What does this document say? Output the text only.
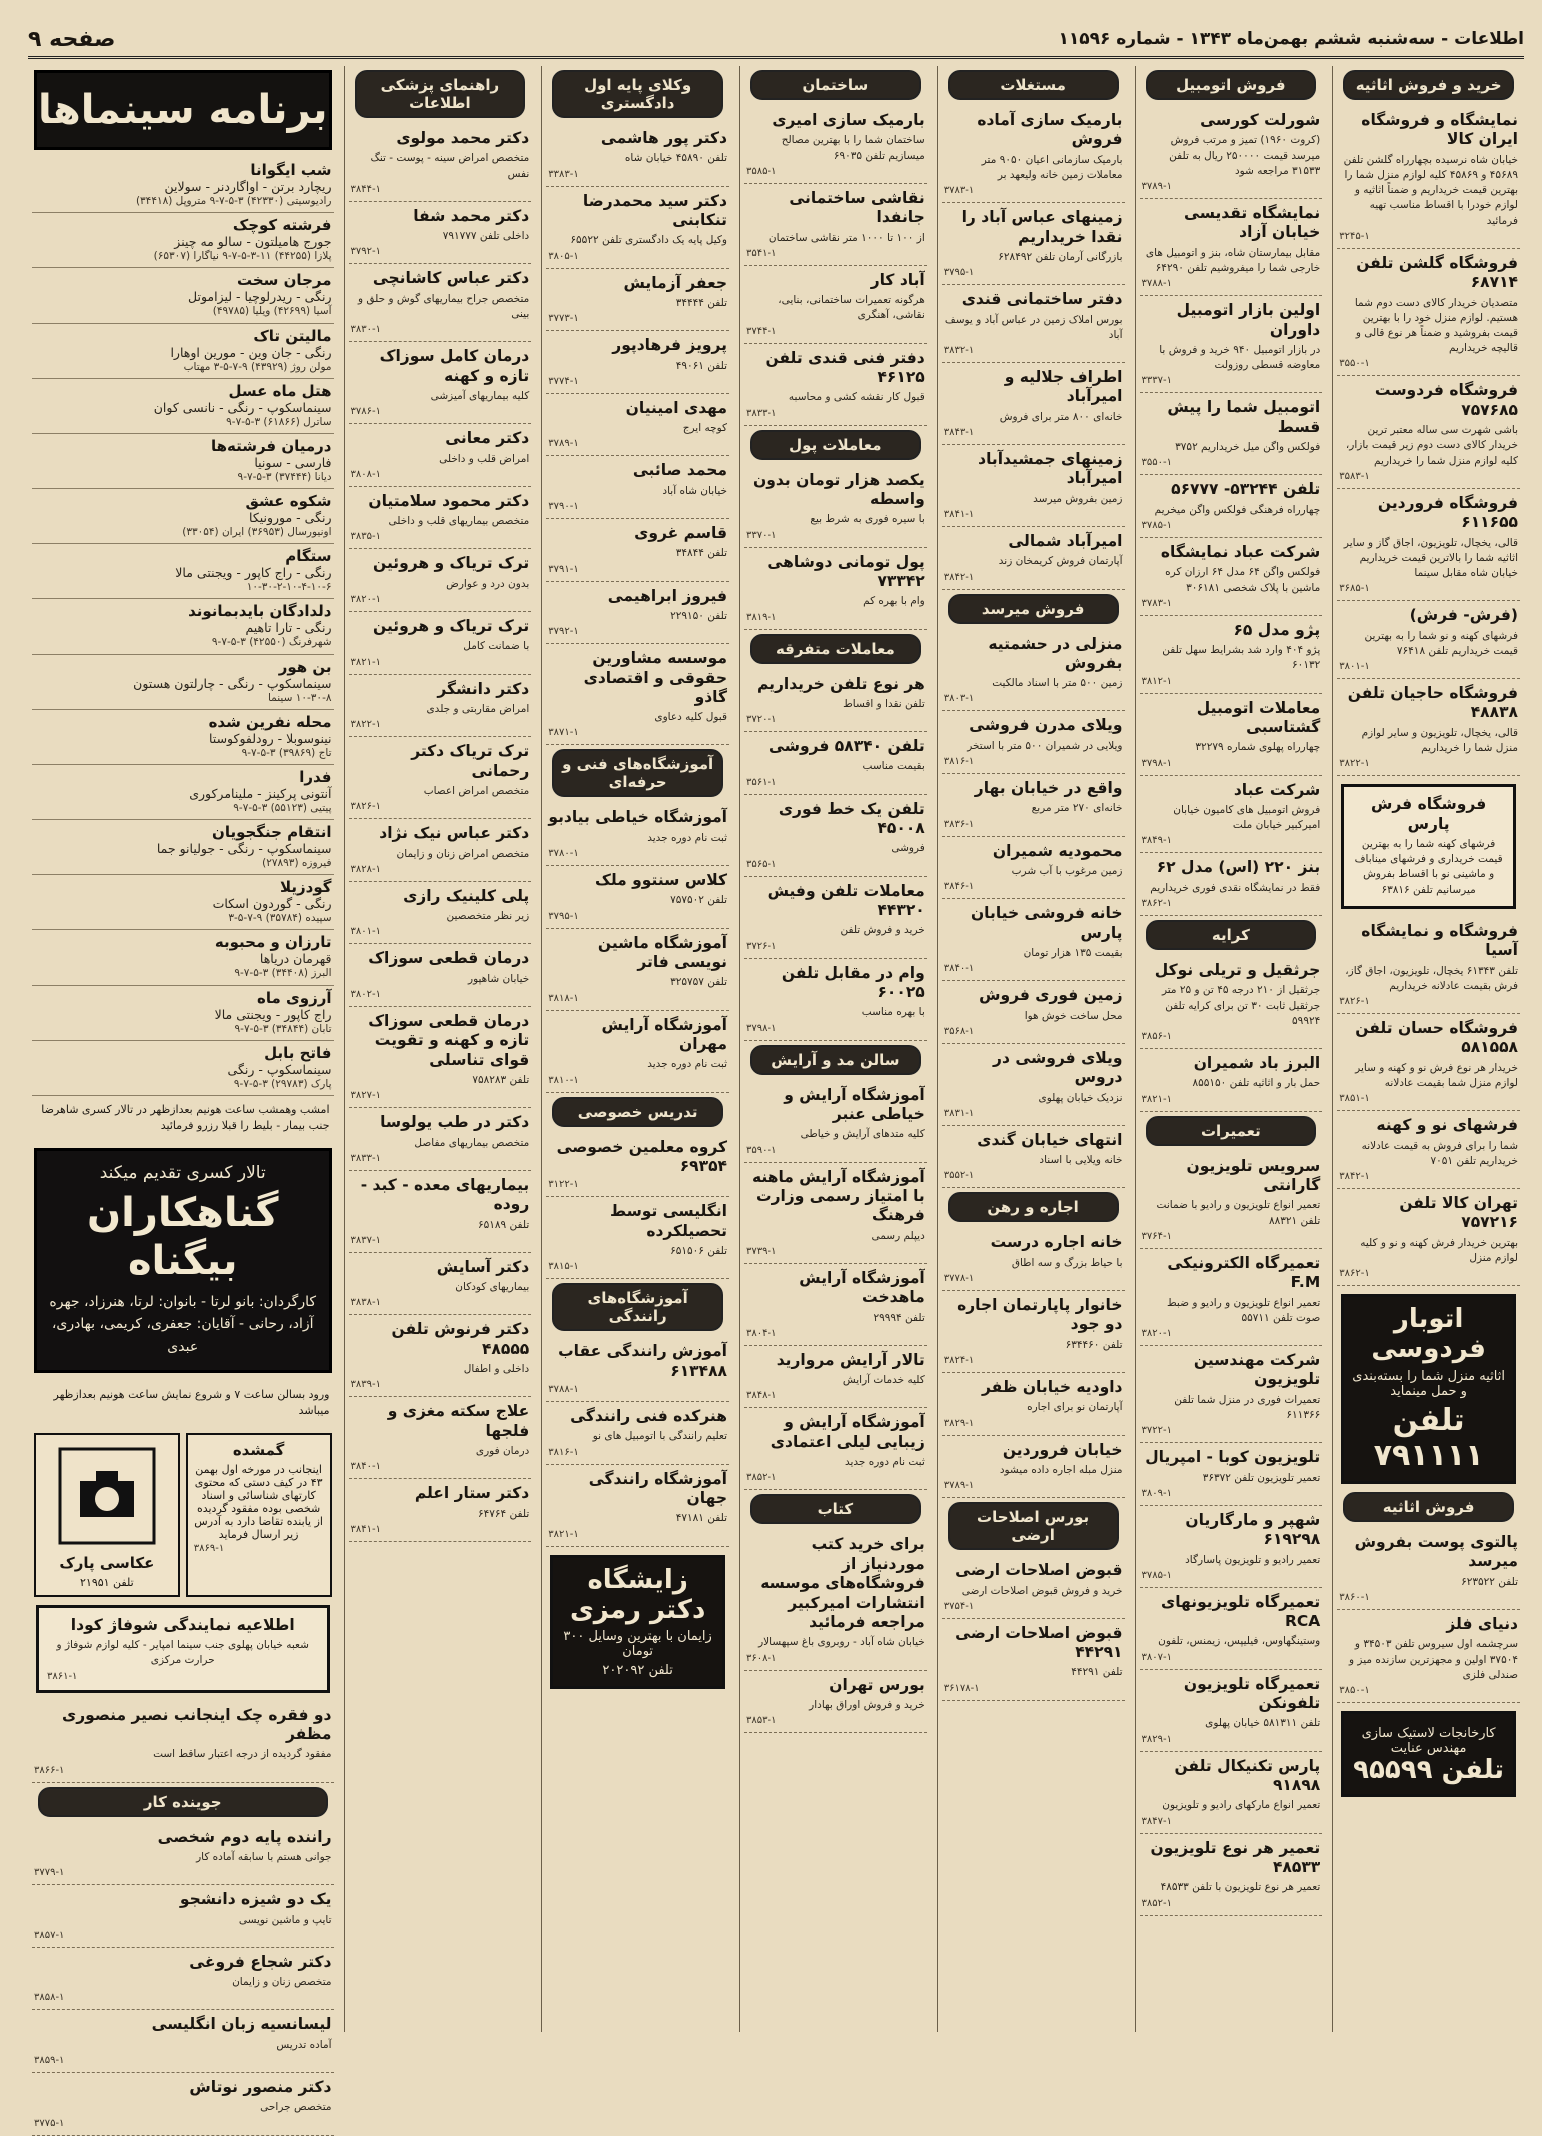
اطلاعات - سه‌شنبه ششم بهمن‌ماه ۱۳۴۳ - شماره ۱۱۵۹۶
صفحه ۹
خرید و فروش اثاثیه
نمایشگاه و فروشگاه ایران کالا
خیابان شاه نرسیده بچهارراه گلشن تلفن ۴۵۶۸۹ و ۴۵۸۶۹ کلیه لوازم منزل شما را بهترین قیمت خریداریم و ضمناً اثاثیه و لوازم خودرا با اقساط مناسب تهیه فرمائید
۳۲۴۵-۱
فروشگاه گلشن تلفن ۶۸۷۱۴
متصدیان خریدار کالای دست دوم شما هستیم. لوازم منزل خود را با بهترین قیمت بفروشید و ضمناً هر نوع قالی و قالیچه خریداریم
۳۵۵۰-۱
فروشگاه فردوست ۷۵۷۶۸۵
باشی شهرت سی ساله معتبر ترین خریدار کالای دست دوم زیر قیمت بازار، کلیه لوازم منزل شما را خریداریم
۳۵۸۳-۱
فروشگاه فروردین ۶۱۱۶۵۵
قالی، یخچال، تلویزیون، اجاق گاز و سایر اثاثیه شما را بالاترین قیمت خریداریم خیابان شاه مقابل سینما
۳۶۸۵-۱
(فرش- فرش)
فرشهای کهنه و نو شما را به بهترین قیمت خریداریم تلفن ۷۶۴۱۸
۳۸۰۱-۱
فروشگاه حاجیان تلفن ۴۸۸۳۸
قالی، یخچال، تلویزیون و سایر لوازم منزل شما را خریداریم
۳۸۲۲-۱
فروشگاه فرش پارس
فرشهای کهنه شما را به بهترین قیمت خریداری و فرشهای میناباف و ماشینی نو با اقساط بفروش میرسانیم تلفن ۶۳۸۱۶
فروشگاه و نمایشگاه آسیا
تلفن ۶۱۳۴۳ یخچال، تلویزیون، اجاق گاز، فرش بقیمت عادلانه خریداریم
۳۸۲۶-۱
فروشگاه حسان تلفن ۵۸۱۵۵۸
خریدار هر نوع فرش نو و کهنه و سایر لوازم منزل شما بقیمت عادلانه
۳۸۵۱-۱
فرشهای نو و کهنه
شما را برای فروش به قیمت عادلانه خریداریم تلفن ۷۰۵۱
۳۸۴۲-۱
تهران کالا تلفن ۷۵۷۲۱۶
بهترین خریدار فرش کهنه و نو و کلیه لوازم منزل
۳۸۶۲-۱
اتوبار فردوسی
اثاثیه منزل شما را بسته‌بندی و حمل مینماید
تلفن ۷۹۱۱۱۱
فروش اثاثیه
پالتوی پوست بفروش میرسد
تلفن ۶۲۳۵۲۲
۳۸۶۰-۱
دنیای فلز
سرچشمه اول سیروس تلفن ۳۴۵۰۳ و ۳۷۵۰۴ اولین و مجهزترین سازنده میز و صندلی فلزی
۳۸۵۰-۱
کارخانجات لاستیک سازی مهندس عنایت
تلفن ۹۵۵۹۹
فروش اتومبیل
شورلت کورسی
(کروت ۱۹۶۰) تمیز و مرتب فروش میرسد قیمت ۲۵۰۰۰۰ ریال به تلفن ۳۱۵۳۳ مراجعه شود
۳۷۸۹-۱
نمایشگاه تقدیسی خیابان آزاد
مقابل بیمارستان شاه، بنز و اتومبیل های خارجی شما را میفروشیم تلفن ۶۴۲۹۰
۳۷۸۸-۱
اولین بازار اتومبیل داوران
در بازار اتومبیل ۹۴۰ خرید و فروش با معاوضه قسطی روزولت
۳۳۳۷-۱
اتومبیل شما را پیش قسط
فولکس واگن میل خریداریم ۳۷۵۲
۳۵۵۰-۱
تلفن ۵۳۲۴۴- ۵۶۷۷۷
چهارراه فرهنگی فولکس واگن میخریم
۳۷۸۵-۱
شرکت عباد نمایشگاه
فولکس واگن ۶۴ مدل ۶۴ ارزان کره ماشین با پلاک شخصی ۳۰۶۱۸۱
۳۷۸۳-۱
پژو مدل ۶۵
پژو ۴۰۴ وارد شد بشرایط سهل تلفن ۶۰۱۳۲
۳۸۱۲-۱
معاملات اتومبیل گشتاسبی
چهارراه پهلوی شماره ۳۲۲۷۹
۳۷۹۸-۱
شرکت عباد
فروش اتومبیل های کامیون خیابان امیرکبیر خیابان ملت
۳۸۴۹-۱
بنز ۲۲۰ (اس) مدل ۶۲
فقط در نمایشگاه نقدی فوری خریداریم
۳۸۶۲-۱
کرایه
جرثقیل و تریلی نوکل
جرثقیل از ۲۱۰ درجه ۴۵ تن و ۲۵ متر جرثقیل ثابت ۳۰ تن برای کرایه تلفن ۵۹۹۲۴
۳۸۵۶-۱
البرز باد شمیران
حمل بار و اثاثیه تلفن ۸۵۵۱۵۰
۳۸۲۱-۱
تعمیرات
سرویس تلویزیون گارانتی
تعمیر انواع تلویزیون و رادیو با ضمانت تلفن ۸۸۳۲۱
۳۷۶۴-۱
تعمیرگاه الکترونیکی F.M
تعمیر انواع تلویزیون و رادیو و ضبط صوت تلفن ۵۵۷۱۱
۳۸۲۰-۱
شرکت مهندسین تلویزیون
تعمیرات فوری در منزل شما تلفن ۶۱۱۳۶۶
۳۷۲۲-۱
تلویزیون کوبا - امپریال
تعمیر تلویزیون تلفن ۳۶۳۷۲
۳۸۰۹-۱
شهپر و مارگاریان ۶۱۹۲۹۸
تعمیر رادیو و تلویزیون پاسارگاد
۳۷۸۵-۱
تعمیرگاه تلویزیونهای RCA
وستینگهاوس، فیلیپس، زیمنس، تلفون
۳۸۰۷-۱
تعمیرگاه تلویزیون تلفونکن
تلفن ۵۸۱۳۱۱ خیابان پهلوی
۳۸۲۹-۱
پارس تکنیکال تلفن ۹۱۸۹۸
تعمیر انواع مارکهای رادیو و تلویزیون
۳۸۴۷-۱
تعمیر هر نوع تلویزیون ۴۸۵۳۳
تعمیر هر نوع تلویزیون با تلفن ۴۸۵۳۳
۳۸۵۲-۱
مستغلات
بارمیک سازی آماده فروش
بارمیک سازمانی اعیان ۹۰۵۰ متر معاملات زمین خانه ولیعهد بر
۳۷۸۳-۱
زمینهای عباس آباد را نقدا خریداریم
بازرگانی آرمان تلفن ۶۲۸۴۹۲
۳۷۹۵-۱
دفتر ساختمانی قندی
بورس املاک زمین در عباس آباد و یوسف آباد
۳۸۳۲-۱
اطراف جلالیه و امیرآباد
خانه‌ای ۸۰۰ متر برای فروش
۳۸۴۳-۱
زمینهای جمشیدآباد امیرآباد
زمین بفروش میرسد
۳۸۴۱-۱
امیرآباد شمالی
آپارتمان فروش کریمخان زند
۳۸۴۲-۱
فروش میرسد
منزلی در حشمتیه بفروش
زمین ۵۰۰ متر با اسناد مالکیت
۳۸۰۳-۱
ویلای مدرن فروشی
ویلایی در شمیران ۵۰۰ متر با استخر
۳۸۱۶-۱
واقع در خیابان بهار
خانه‌ای ۲۷۰ متر مربع
۳۸۳۶-۱
محمودیه شمیران
زمین مرغوب با آب شرب
۳۸۴۶-۱
خانه فروشی خیابان پارس
بقیمت ۱۳۵ هزار تومان
۳۸۴۰-۱
زمین فوری فروش
محل ساخت خوش هوا
۳۵۶۸-۱
ویلای فروشی در دروس
نزدیک خیابان پهلوی
۳۸۳۱-۱
انتهای خیابان گندی
خانه ویلایی با اسناد
۳۵۵۲-۱
اجاره و رهن
خانه اجاره درست
با حیاط بزرگ و سه اطاق
۳۷۷۸-۱
خانوار پاپارتمان اجاره دو جود
تلفن ۶۳۴۴۶۰
۳۸۲۴-۱
داودیه خیابان ظفر
آپارتمان نو برای اجاره
۳۸۲۹-۱
خیابان فروردین
منزل مبله اجاره داده میشود
۳۷۸۹-۱
بورس اصلاحات ارضی
قبوض اصلاحات ارضی
خرید و فروش قبوض اصلاحات ارضی
۳۷۵۴-۱
قبوض اصلاحات ارضی ۴۴۲۹۱
تلفن ۴۴۲۹۱
۳۶۱۷۸-۱
ساختمان
بارمیک سازی امیری
ساختمان شما را با بهترین مصالح میسازیم تلفن ۶۹۰۳۵
۳۵۸۵-۱
نقاشی ساختمانی جانفدا
از ۱۰۰ تا ۱۰۰۰ متر نقاشی ساختمان
۳۵۴۱-۱
آباد کار
هرگونه تعمیرات ساختمانی، بنایی، نقاشی، آهنگری
۳۷۴۴-۱
دفتر فنی قندی تلفن ۴۶۱۲۵
قبول کار نقشه کشی و محاسبه
۳۸۳۳-۱
معاملات پول
یکصد هزار تومان بدون واسطه
با سیره فوری به شرط بیع
۳۳۷۰-۱
پول تومانی دوشاهی ۷۳۳۴۲
وام با بهره کم
۳۸۱۹-۱
معاملات متفرقه
هر نوع تلفن خریداریم
تلفن نقدا و اقساط
۳۷۲۰-۱
تلفن ۵۸۳۴۰ فروشی
بقیمت مناسب
۳۵۶۱-۱
تلفن یک خط فوری ۴۵۰۰۸
فروشی
۳۵۶۵-۱
معاملات تلفن وفیش ۴۴۳۲۰
خرید و فروش تلفن
۳۷۲۶-۱
وام در مقابل تلفن ۶۰۰۲۵
با بهره مناسب
۳۷۹۸-۱
سالن مد و آرایش
آموزشگاه آرایش و خیاطی عنبر
کلیه متدهای آرایش و خیاطی
۳۵۹۰-۱
آموزشگاه آرایش ماهنه با امتیاز رسمی وزارت فرهنگ
دیپلم رسمی
۳۷۳۹-۱
آموزشگاه آرایش ماهدخت
تلفن ۲۹۹۹۴
۳۸۰۴-۱
تالار آرایش مروارید
کلیه خدمات آرایش
۳۸۴۸-۱
آموزشگاه آرایش و زیبایی لیلی اعتمادی
ثبت نام دوره جدید
۳۸۵۲-۱
کتاب
برای خرید کتب موردنیاز از فروشگاه‌های موسسه انتشارات امیرکبیر مراجعه فرمائید
خیابان شاه آباد - روبروی باغ سپهسالار
۳۶۰۸-۱
بورس تهران
خرید و فروش اوراق بهادار
۳۸۵۳-۱
وکلای پایه اول دادگستری
دکتر پور هاشمی
تلفن ۴۵۸۹۰ خیابان شاه
۳۳۸۳-۱
دکتر سید محمدرضا تنکابنی
وکیل پایه یک دادگستری تلفن ۶۵۵۲۲
۳۸۰۵-۱
جعفر آزمایش
تلفن ۳۴۴۴۴
۳۷۷۳-۱
پرویز فرهادپور
تلفن ۴۹۰۶۱
۳۷۷۴-۱
مهدی امینیان
کوچه ایرج
۳۷۸۹-۱
محمد صائبی
خیابان شاه آباد
۳۷۹۰-۱
قاسم غروی
تلفن ۳۴۸۴۴
۳۷۹۱-۱
فیروز ابراهیمی
تلفن ۲۲۹۱۵۰
۳۷۹۲-۱
موسسه مشاورین حقوقی و اقتصادی گاذو
قبول کلیه دعاوی
۳۸۷۱-۱
آموزشگاه‌های فنی و حرفه‌ای
آموزشگاه خیاطی بیادبو
ثبت نام دوره جدید
۳۷۸۰-۱
کلاس سنتوو ملک
تلفن ۷۵۷۵۰۲
۳۷۹۵-۱
آموزشگاه ماشین نویسی فاتر
تلفن ۳۲۵۷۵۷
۳۸۱۸-۱
آموزشگاه آرایش مهران
ثبت نام دوره جدید
۳۸۱۰-۱
تدریس خصوصی
کروه معلمین خصوصی ۶۹۳۵۴
۳۱۲۲-۱
انگلیسی توسط تحصیلکرده
تلفن ۶۵۱۵۰۶
۳۸۱۵-۱
آموزشگاه‌های رانندگی
آموزش رانندگی عقاب ۶۱۳۴۸۸
۳۷۸۸-۱
هنرکده فنی رانندگی
تعلیم رانندگی با اتومبیل های نو
۳۸۱۶-۱
آموزشگاه رانندگی جهان
تلفن ۴۷۱۸۱
۳۸۲۱-۱
زایشگاه دکتر رمزی
زایمان با بهترین وسایل ۳۰۰ تومان
تلفن ۲۰۲۰۹۲
راهنمای پزشکی اطلاعات
دکتر محمد مولوی
متخصص امراض سینه - پوست - تنگ نفس
۳۸۴۴-۱
دکتر محمد شفا
داخلی تلفن ۷۹۱۷۷۷
۳۷۹۲-۱
دکتر عباس کاشانچی
متخصص جراح بیماریهای گوش و حلق و بینی
۳۸۳۰-۱
درمان کامل سوزاک تازه و کهنه
کلیه بیماریهای آمیزشی
۳۷۸۶-۱
دکتر معانی
امراض قلب و داخلی
۳۸۰۸-۱
دکتر محمود سلامتیان
متخصص بیماریهای قلب و داخلی
۳۸۳۵-۱
ترک تریاک و هروئین
بدون درد و عوارض
۳۸۲۰-۱
ترک تریاک و هروئین
با ضمانت کامل
۳۸۲۱-۱
دکتر دانشگر
امراض مقاربتی و جلدی
۳۸۲۲-۱
ترک تریاک دکتر رحمانی
متخصص امراض اعصاب
۳۸۲۶-۱
دکتر عباس نیک نژاد
متخصص امراض زنان و زایمان
۳۸۲۸-۱
پلی کلینیک رازی
زیر نظر متخصصین
۳۸۰۱-۱
درمان قطعی سوزاک
خیابان شاهپور
۳۸۰۲-۱
درمان قطعی سوزاک تازه و کهنه و تقویت قوای تناسلی
تلفن ۷۵۸۲۸۳
۳۸۲۷-۱
دکتر در طب یولوسا
متخصص بیماریهای مفاصل
۳۸۳۳-۱
بیماریهای معده - کبد - روده
تلفن ۶۵۱۸۹
۳۸۳۷-۱
دکتر آسایش
بیماریهای کودکان
۳۸۳۸-۱
دکتر فرنوش تلفن ۴۸۵۵۵
داخلی و اطفال
۳۸۳۹-۱
علاج سکته مغزی و فلجها
درمان فوری
۳۸۴۰-۱
دکتر ستار اعلم
تلفن ۶۴۷۶۴
۳۸۴۱-۱
برنامه سینماها
شب ایگوانا
ریچارد برتن - اواگاردنر - سولاین
رادیوسیتی (۴۲۳۳۰) ۳-۵-۷-۹ متروپل (۳۴۴۱۸)
فرشته کوچک
جورج هامیلتون - سالو مه چینز
پلازا (۴۴۲۵۵) ۱۱-۳-۵-۷-۹ نیاگارا (۶۵۳۰۷)
مرجان سخت
رنگی - ریدرلوچیا - لیزاموتل
آسیا (۴۲۶۹۹) ویلیا (۴۹۷۸۵)
مالیتن تاک
رنگی - جان وین - مورین اوهارا
مولن روژ (۴۳۹۲۹) ۹-۷-۵-۳ مهتاب
هتل ماه عسل
سینماسکوپ - رنگی - نانسی کوان
ساترل (۶۱۸۶۶) ۳-۵-۷-۹
درمیان فرشته‌ها
فارسی - سونیا
دیانا (۳۷۴۴۴) ۳-۵-۷-۹
شکوه عشق
رنگی - مورونیکا
اونیورسال (۳۶۹۵۳) ایران (۳۳۰۵۴)
ستگام
رنگی - راج کاپور - ویجنتی مالا
۱۰-۳۰-۲-۱۰-۴-۱۰-۶
دلدادگان بایدبمانوند
رنگی - تارا تاهیم
شهرفرنگ (۴۲۵۵۰) ۳-۵-۷-۹
بن هور
سینماسکوپ - رنگی - چارلتون هستون
۱۰-۳۰-۸ سینما
محله‌ نفرین‌ شده
نینوسوبلا - رودلفوکوستا
تاج (۳۹۸۶۹) ۳-۵-۷-۹
فدرا
آنتونی پرکینز - ملینامرکوری
پیتیی (۵۵۱۲۳) ۳-۵-۷-۹
انتقام جنگجویان
سینماسکوپ - رنگی - جولیانو جما
فیروزه (۲۷۸۹۳)
گودزیلا
رنگی - گوردون اسکات
سپیده (۳۵۷۸۴) ۹-۷-۵-۳
تارزان و محبوبه
قهرمان دریاها
البرز (۳۴۴۰۸) ۳-۵-۷-۹
آرزوی ماه
راج کاپور - ویجنتی مالا
تابان (۳۴۸۴۴) ۳-۵-۷-۹
فاتح بابل
سینماسکوپ - رنگی
پارک (۲۹۷۸۳) ۳-۵-۷-۹
امشب وهمشب ساعت هونیم بعدازظهر در تالار کسری شاهرضا جنب بیمار - بلیط را قبلا رزرو فرمائید
تالار کسری تقدیم میکند
گناهکاران بیگناه
کارگردان: بانو لرتا - بانوان: لرتا، هنرزاد، جهره آزاد، رحانی - آقایان: جعفری، کریمی، بهادری، عبدی
ورود بسالن ساعت ۷ و شروع نمایش ساعت هونیم بعدازظهر میباشد
گمشده
اینجانب در مورخه اول بهمن ۴۳ در کیف دستی که محتوی کارتهای شناسائی و اسناد شخصی بوده مفقود گردیده از یابنده تقاضا دارد به آدرس زیر ارسال فرماید
۳۸۶۹-۱
عکاسی پارک
تلفن ۲۱۹۵۱
اطلاعیه نمایندگی شوفاژ کودا
شعبه خیابان پهلوی جنب سینما امپایر - کلیه لوازم شوفاژ و حرارت مرکزی
۳۸۶۱-۱
دو فقره چک اینجانب نصیر منصوری مظفر
مفقود گردیده از درجه اعتبار ساقط است
۳۸۶۶-۱
جوینده کار
راننده پایه دوم شخصی
جوانی هستم با سابقه آماده کار
۳۷۷۹-۱
یک دو شیزه دانشجو
تایپ و ماشین نویسی
۳۸۵۷-۱
دکتر شجاع فروغی
متخصص زنان و زایمان
۳۸۵۸-۱
لیسانسیه زبان انگلیسی
آماده تدریس
۳۸۵۹-۱
دکتر منصور نوتاش
متخصص جراحی
۳۷۷۵-۱
